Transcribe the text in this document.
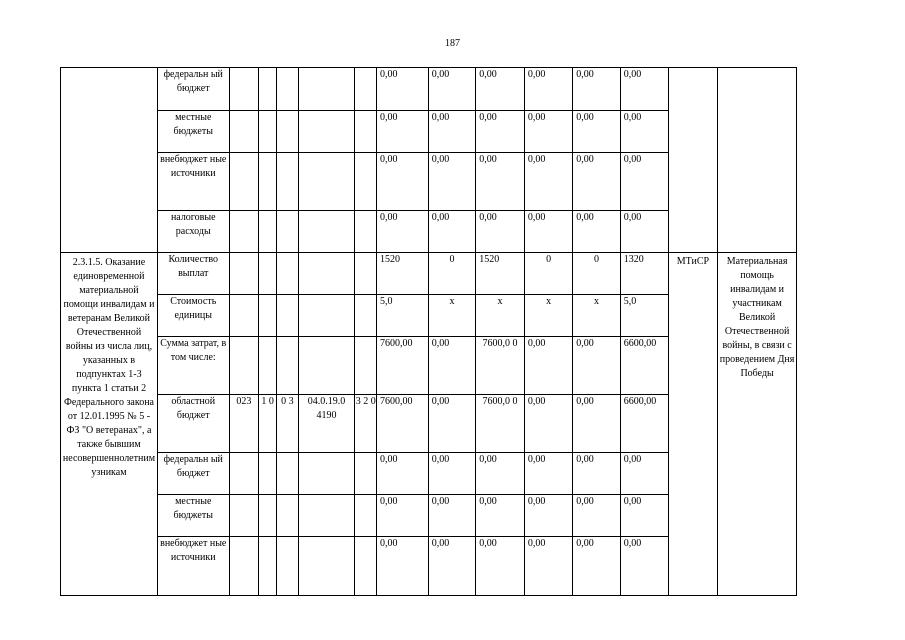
187
	федеральн ый бюджет						0,00	0,00	0,00	0,00	0,00	0,00		
	местные бюджеты						0,00	0,00	0,00	0,00	0,00	0,00		
	внебюджет ные источники						0,00	0,00	0,00	0,00	0,00	0,00		
	налоговые расходы						0,00	0,00	0,00	0,00	0,00	0,00		
2.3.1.5. Оказание единовременной материальной помощи инвалидам и ветеранам Великой Отечественной войны из числа лиц, указанных в подпунктах 1-3 пункта 1 статьи 2 Федерального закона от 12.01.1995 № 5 - ФЗ "О ветеранах", а также бывшим несовершеннолетним узникам	Количество выплат						1520	0	1520	0	0	1320	МТиСР	Материальная помощь инвалидам и участникам Великой Отечественной войны, в связи с проведением Дня Победы
	Стоимость единицы						5,0	х	х	х	х	5,0		
	Сумма затрат, в том числе:						7600,00	0,00	7600,0 0	0,00	0,00	6600,00		
	областной бюджет	023	1 0	0 3	04.0.19.0 4190	3 2 0	7600,00	0,00	7600,0 0	0,00	0,00	6600,00		
	федеральн ый бюджет						0,00	0,00	0,00	0,00	0,00	0,00		
	местные бюджеты						0,00	0,00	0,00	0,00	0,00	0,00		
	внебюджет ные источники						0,00	0,00	0,00	0,00	0,00	0,00		
